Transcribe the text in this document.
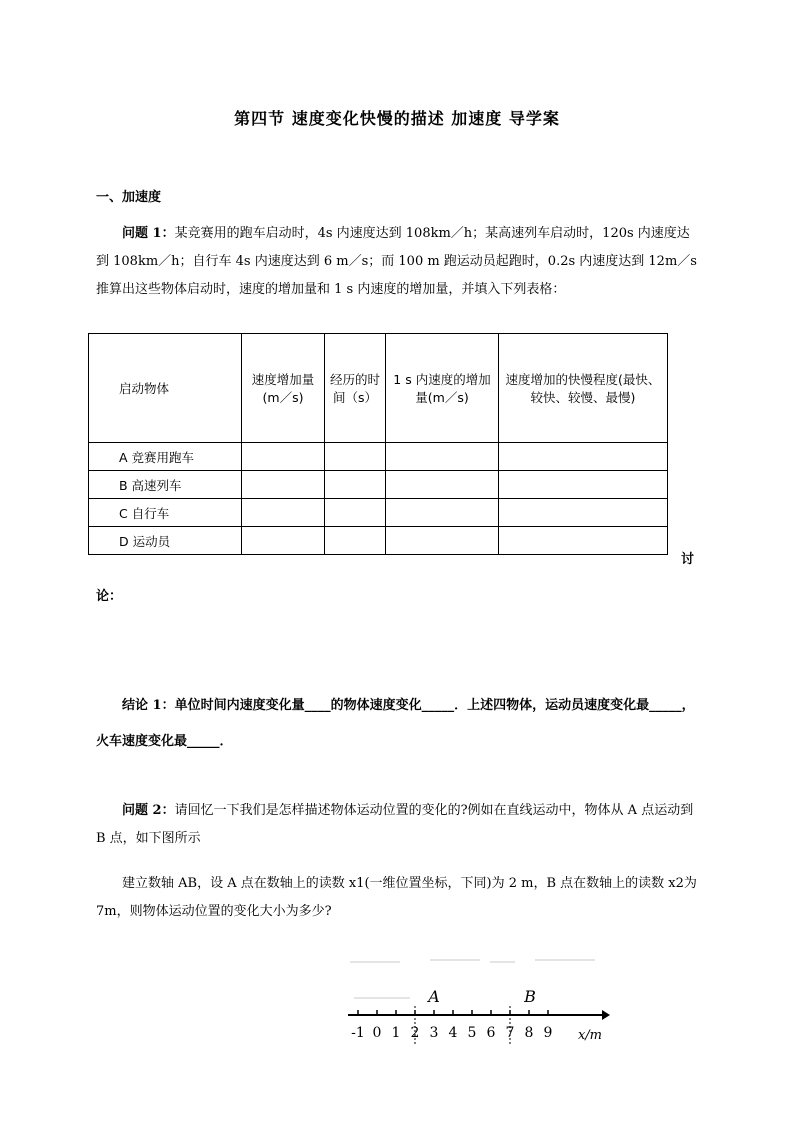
第四节 速度变化快慢的描述 加速度 导学案
一、加速度
问题 1：某竞赛用的跑车启动时，4s 内速度达到 108km／h；某高速列车启动时，120s 内速度达到 108km／h；自行车 4s 内速度达到 6 m／s；而 100 m 跑运动员起跑时，0.2s 内速度达到 12m／s 推算出这些物体启动时，速度的增加量和 1 s 内速度的增加量，并填入下列表格：
启动物体	速度增加量(m／s)	经历的时间（s）	1 s 内速度的增加量(m／s)	速度增加的快慢程度(最快、较快、较慢、最慢)
A 竞赛用跑车				
B 高速列车				
C 自行车				
D 运动员				
讨
论：
结论 1：单位时间内速度变化量____的物体速度变化_____．上述四物体，运动员速度变化最_____，火车速度变化最_____．
问题 2：请回忆一下我们是怎样描述物体运动位置的变化的?例如在直线运动中，物体从 A 点运动到 B 点，如下图所示
建立数轴 AB，设 A 点在数轴上的读数 x1(一维位置坐标，下同)为 2 m，B 点在数轴上的读数 x2为 7m，则物体运动位置的变化大小为多少?
-1 0 1 2 3 4 5 6 7 8 9
A	B
x/m
